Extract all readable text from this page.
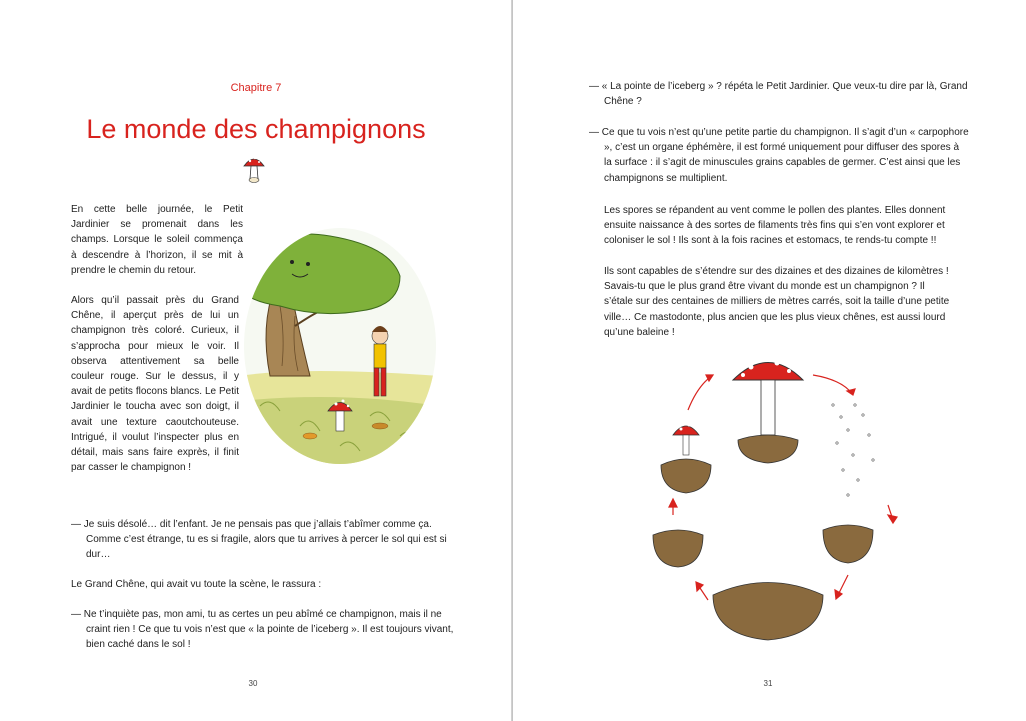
Chapitre 7
Le monde des champignons

En cette belle journée, le Petit Jardinier se promenait dans les champs. Lorsque le soleil commença à descendre à l’horizon, il se mit à prendre le chemin du retour.

Alors qu’il passait près du Grand Chêne, il aperçut près de lui un champignon très coloré. Curieux, il s’approcha pour mieux le voir. Il observa attentivement sa belle couleur rouge. Sur le dessus, il y avait de petits flocons blancs. Le Petit Jardinier le toucha avec son doigt, il avait une texture caoutchouteuse. Intrigué, il voulut l’inspecter plus en détail, mais sans faire exprès, il finit par casser le champignon !

— Je suis désolé… dit l’enfant. Je ne pensais pas que j’allais t’abîmer comme ça. Comme c’est étrange, tu es si fragile, alors que tu arrives à percer le sol qui est si dur…

Le Grand Chêne, qui avait vu toute la scène, le rassura :

— Ne t’inquiète pas, mon ami, tu as certes un peu abîmé ce champignon, mais il ne craint rien ! Ce que tu vois n’est que « la pointe de l’iceberg ». Il est toujours vivant, bien caché dans le sol !

30

— « La pointe de l’iceberg » ? répéta le Petit Jardinier. Que veux-tu dire par là, Grand Chêne ?

— Ce que tu vois n’est qu’une petite partie du champignon. Il s’agit d’un « carpophore », c’est un organe éphémère, il est formé uniquement pour diffuser des spores à la surface : il s’agit de minuscules grains capables de germer. C’est ainsi que les champignons se multiplient.

Les spores se répandent au vent comme le pollen des plantes. Elles donnent ensuite naissance à des sortes de filaments très fins qui s’en vont explorer et coloniser le sol ! Ils sont à la fois racines et estomacs, te rends-tu compte !!

Ils sont capables de s’étendre sur des dizaines et des dizaines de kilomètres ! Savais-tu que le plus grand être vivant du monde est un champignon ? Il s’étale sur des centaines de milliers de mètres carrés, soit la taille d’une petite ville… Ce mastodonte, plus ancien que les plus vieux chênes, est aussi lourd qu’une baleine !

31
